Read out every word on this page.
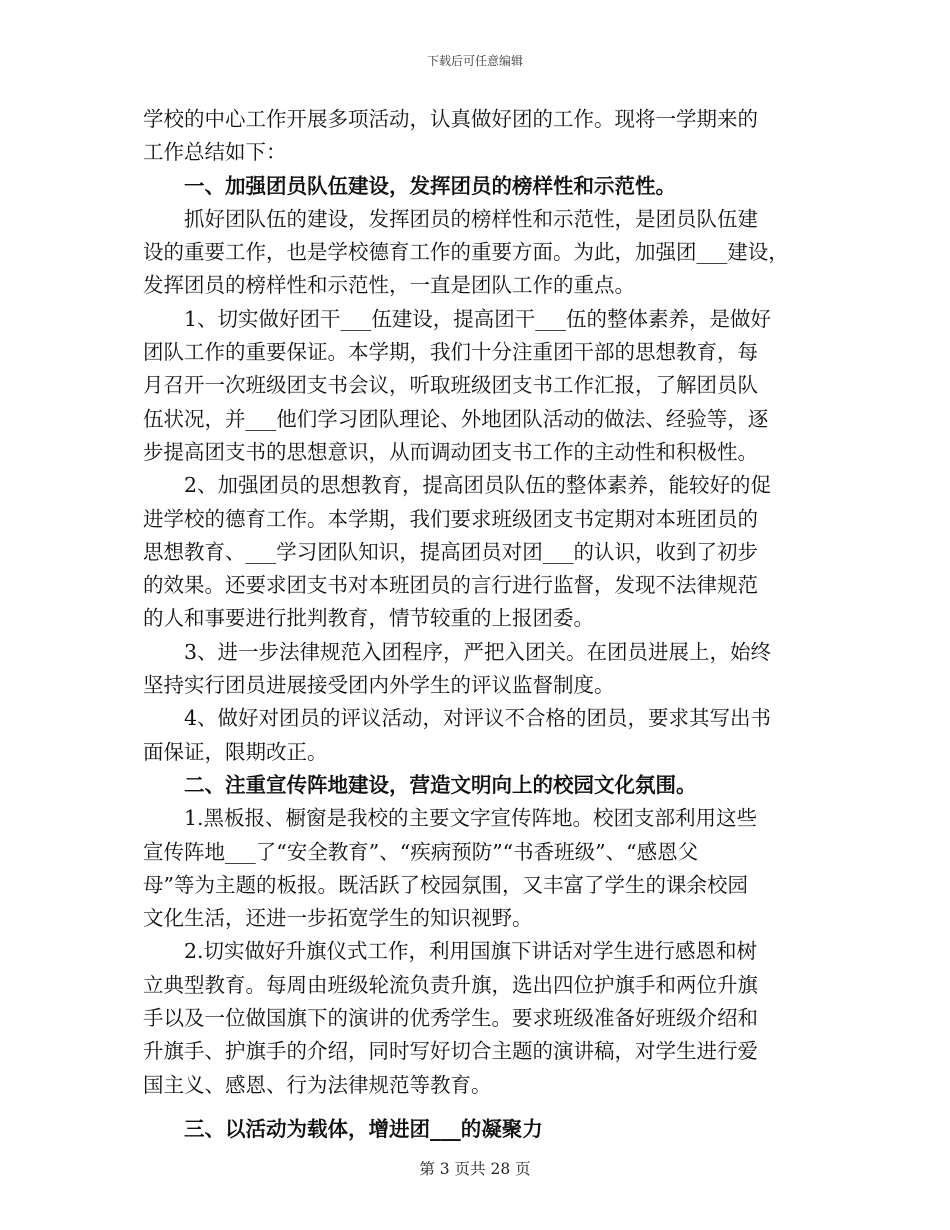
下载后可任意编辑

学校的中心工作开展多项活动，认真做好团的工作。现将一学期来的
工作总结如下：

一、加强团员队伍建设，发挥团员的榜样性和示范性。

抓好团队伍的建设，发挥团员的榜样性和示范性，是团员队伍建
设的重要工作，也是学校德育工作的重要方面。为此，加强团___建设，
发挥团员的榜样性和示范性，一直是团队工作的重点。

1、切实做好团干___伍建设，提高团干___伍的整体素养，是做好
团队工作的重要保证。本学期，我们十分注重团干部的思想教育，每
月召开一次班级团支书会议，听取班级团支书工作汇报，了解团员队
伍状况，并___他们学习团队理论、外地团队活动的做法、经验等，逐
步提高团支书的思想意识，从而调动团支书工作的主动性和积极性。

2、加强团员的思想教育，提高团员队伍的整体素养，能较好的促
进学校的德育工作。本学期，我们要求班级团支书定期对本班团员的
思想教育、___学习团队知识，提高团员对团___的认识，收到了初步
的效果。还要求团支书对本班团员的言行进行监督，发现不法律规范
的人和事要进行批判教育，情节较重的上报团委。

3、进一步法律规范入团程序，严把入团关。在团员进展上，始终
坚持实行团员进展接受团内外学生的评议监督制度。

4、做好对团员的评议活动，对评议不合格的团员，要求其写出书
面保证，限期改正。

二、注重宣传阵地建设，营造文明向上的校园文化氛围。

1.黑板报、橱窗是我校的主要文字宣传阵地。校团支部利用这些
宣传阵地___了“安全教育”、“疾病预防”“书香班级”、“感恩父
母”等为主题的板报。既活跃了校园氛围，又丰富了学生的课余校园
文化生活，还进一步拓宽学生的知识视野。

2.切实做好升旗仪式工作，利用国旗下讲话对学生进行感恩和树
立典型教育。每周由班级轮流负责升旗，选出四位护旗手和两位升旗
手以及一位做国旗下的演讲的优秀学生。要求班级准备好班级介绍和
升旗手、护旗手的介绍，同时写好切合主题的演讲稿，对学生进行爱
国主义、感恩、行为法律规范等教育。

三、以活动为载体，增进团___的凝聚力

第 3 页共 28 页
